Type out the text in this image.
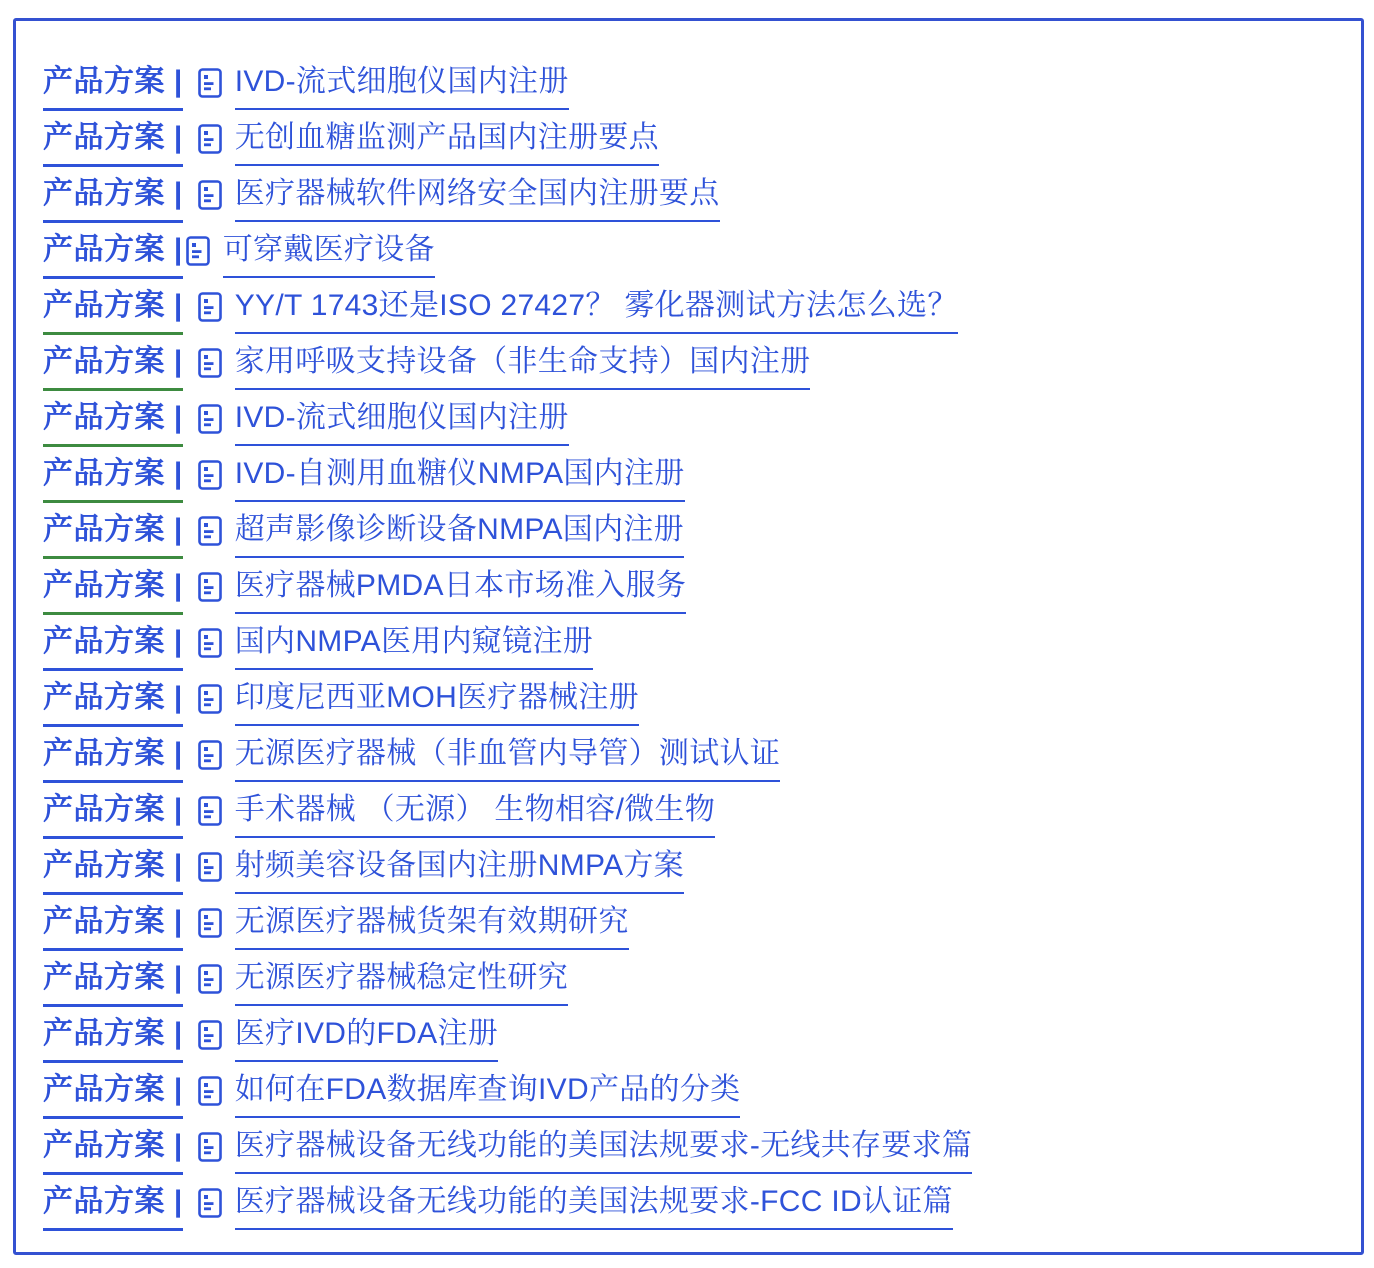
产品方案 | IVD-流式细胞仪国内注册
产品方案 | 无创血糖监测产品国内注册要点
产品方案 | 医疗器械软件网络安全国内注册要点
产品方案 | 可穿戴医疗设备
产品方案 | YY/T 1743还是ISO 27427？ 雾化器测试方法怎么选？
产品方案 | 家用呼吸支持设备（非生命支持）国内注册
产品方案 | IVD-流式细胞仪国内注册
产品方案 | IVD-自测用血糖仪NMPA国内注册
产品方案 | 超声影像诊断设备NMPA国内注册
产品方案 | 医疗器械PMDA日本市场准入服务
产品方案 | 国内NMPA医用内窥镜注册
产品方案 | 印度尼西亚MOH医疗器械注册
产品方案 | 无源医疗器械（非血管内导管）测试认证
产品方案 | 手术器械 （无源） 生物相容/微生物
产品方案 | 射频美容设备国内注册NMPA方案
产品方案 | 无源医疗器械货架有效期研究
产品方案 | 无源医疗器械稳定性研究
产品方案 | 医疗IVD的FDA注册
产品方案 | 如何在FDA数据库查询IVD产品的分类
产品方案 | 医疗器械设备无线功能的美国法规要求-无线共存要求篇
产品方案 | 医疗器械设备无线功能的美国法规要求-FCC ID认证篇
